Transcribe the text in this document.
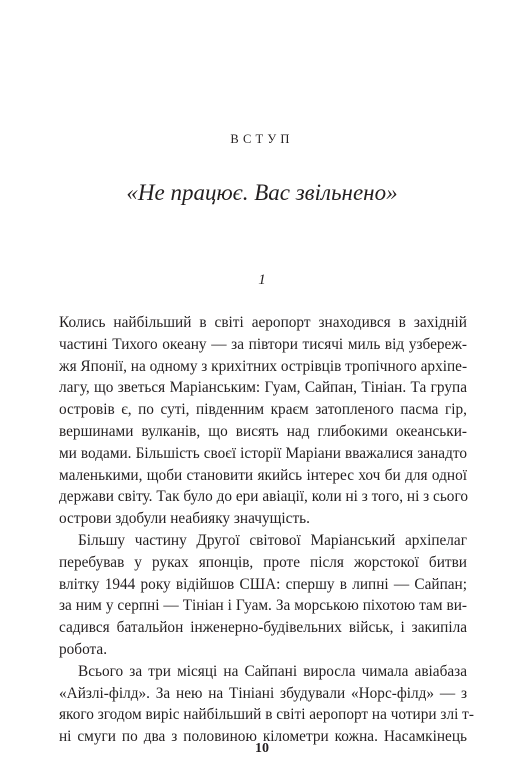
ВСТУП
«Не працює. Вас звільнено»
1
Колись найбільший в світі аеропорт знаходився в західній
частині Тихого океану — за півтори тисячі миль від узбереж-
жя Японії, на одному з крихітних острівців тропічного архіпе-
лагу, що зветься Маріанським: Гуам, Сайпан, Тініан. Та група
островів є, по суті, південним краєм затопленого пасма гір,
вершинами вулканів, що висять над глибокими океанськи-
ми водами. Більшість своєї історії Маріани вважалися занадто
маленькими, щоби становити якийсь інтерес хоч би для одної
держави світу. Так було до ери авіації, коли ні з того, ні з сього
острови здобули неабияку значущість.
Більшу частину Другої світової Маріанський архіпелаг
перебував у руках японців, проте після жорстокої битви
влітку 1944 року відійшов США: спершу в липні — Сайпан;
за ним у серпні — Тініан і Гуам. За морською піхотою там ви-
садився батальйон інженерно-будівельних військ, і закипіла
робота.
Всього за три місяці на Сайпані виросла чимала авіабаза
«Айзлі-філд». За нею на Тініані збудували «Норс-філд» — з
якого згодом виріс найбільший в світі аеропорт на чотири злі т-
ні смуги по два з половиною кілометри кожна. Насамкінець
10
